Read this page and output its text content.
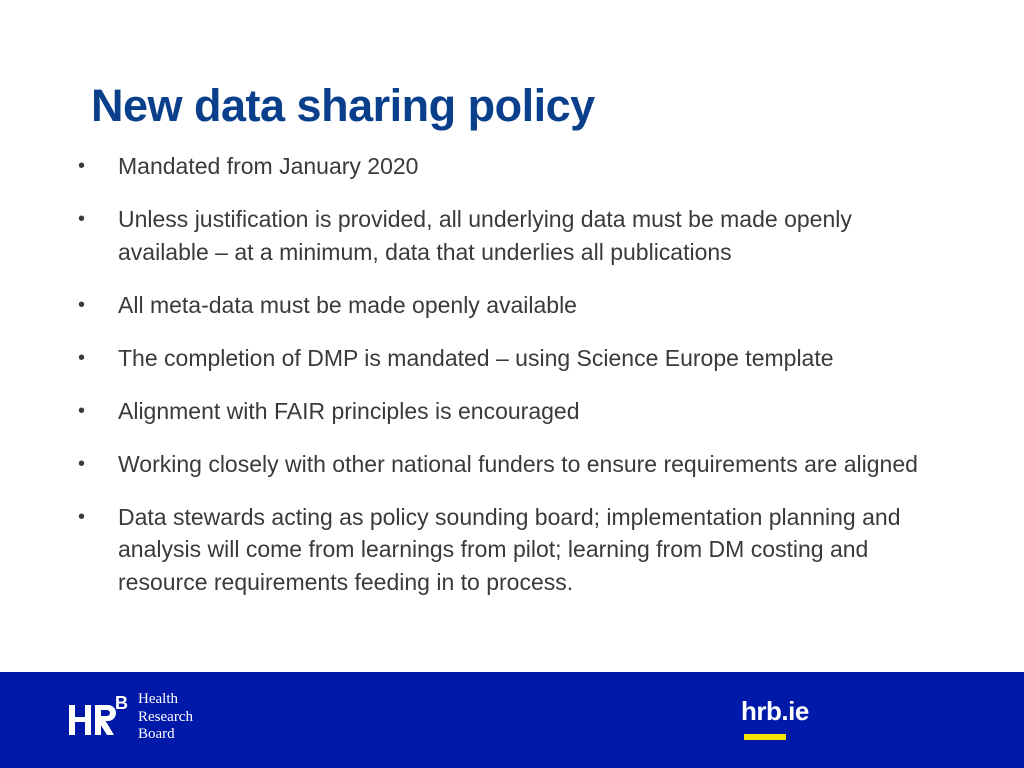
New data sharing policy
• Mandated from January 2020
• Unless justification is provided, all underlying data must be made openly available – at a minimum, data that underlies all publications
• All meta-data must be made openly available
• The completion of DMP is mandated – using Science Europe template
• Alignment with FAIR principles is encouraged
• Working closely with other national funders to ensure requirements are aligned
• Data stewards acting as policy sounding board; implementation planning and analysis will come from learnings from pilot; learning from DM costing and resource requirements feeding in to process.
B Health
Research
Board
hrb.ie
